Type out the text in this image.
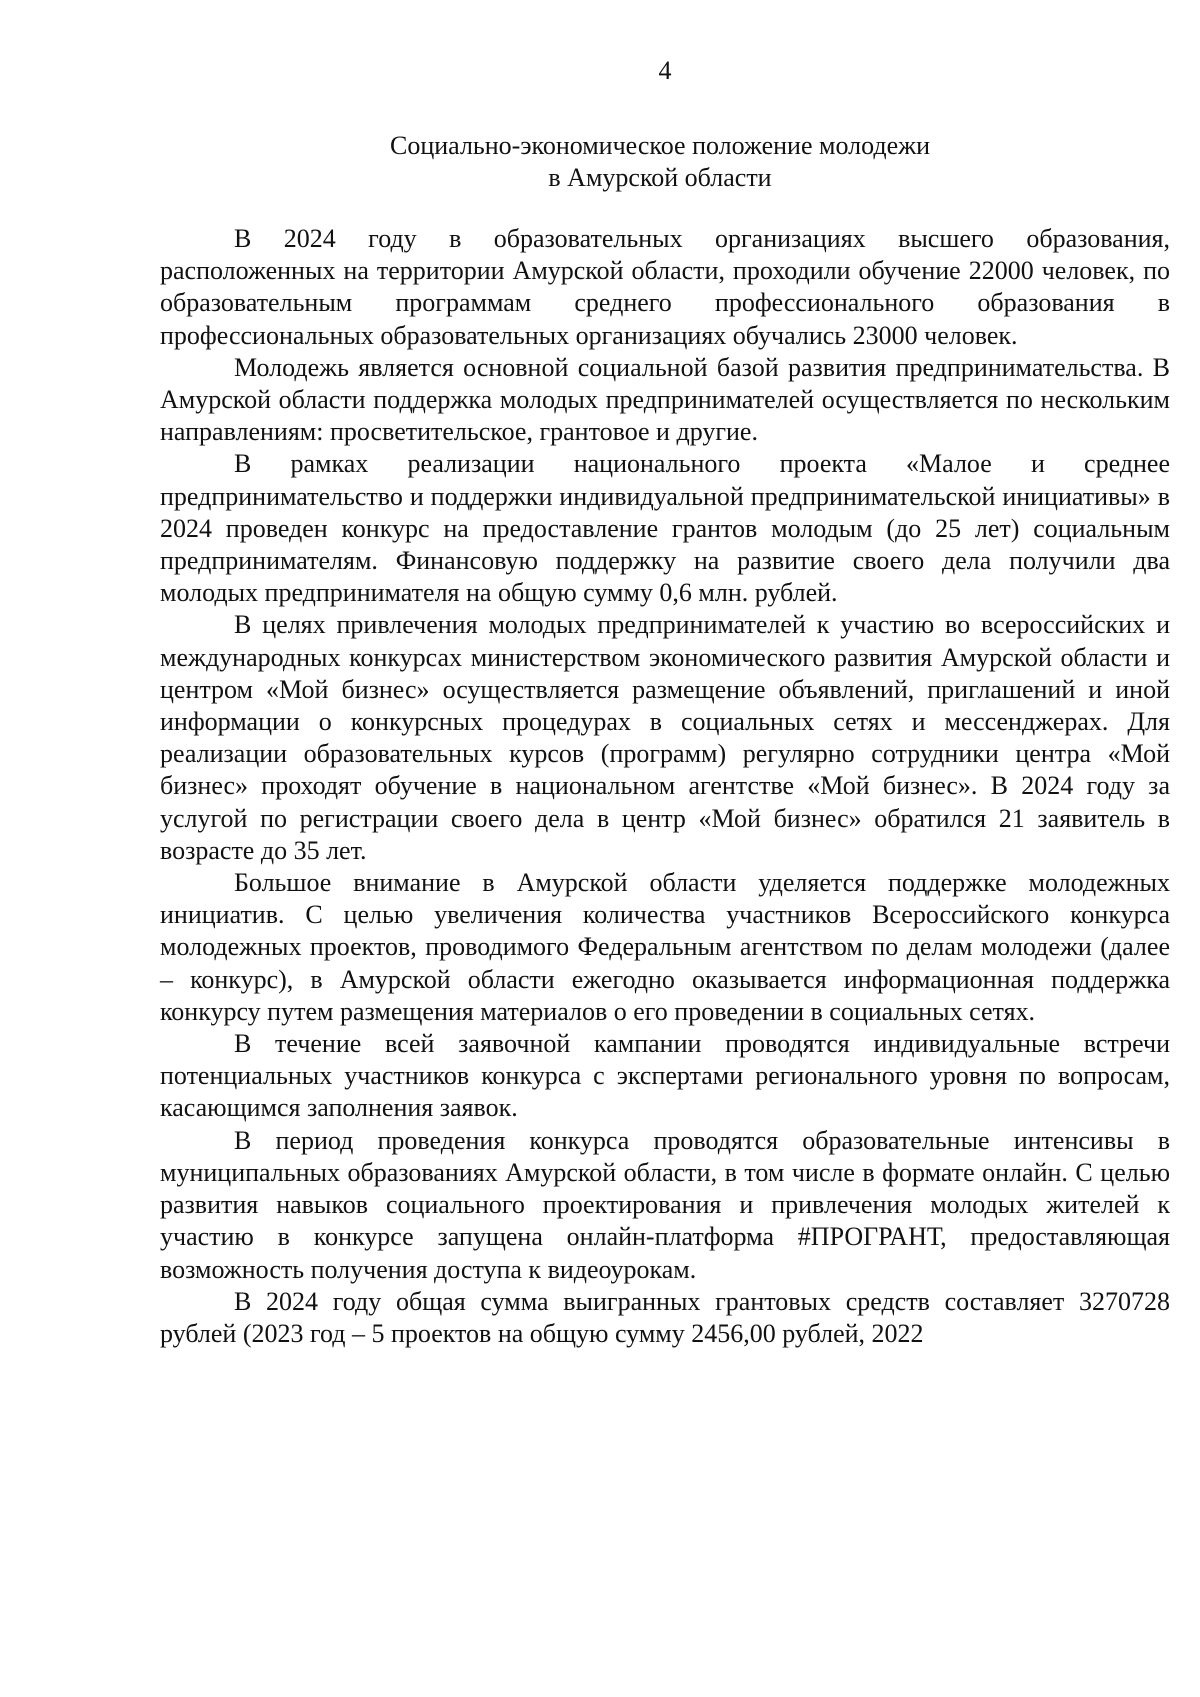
4
Социально-экономическое положение молодежи
в Амурской области

В 2024 году в образовательных организациях высшего образования, расположенных на территории Амурской области, проходили обучение 22000 человек, по образовательным программам среднего профессионального образования в профессиональных образовательных организациях обучались 23000 человек.

Молодежь является основной социальной базой развития предпринимательства. В Амурской области поддержка молодых предпринимателей осуществляется по нескольким направлениям: просветительское, грантовое и другие.

В рамках реализации национального проекта «Малое и среднее предпринимательство и поддержки индивидуальной предпринимательской инициативы» в 2024 проведен конкурс на предоставление грантов молодым (до 25 лет) социальным предпринимателям. Финансовую поддержку на развитие своего дела получили два молодых предпринимателя на общую сумму 0,6 млн. рублей.

В целях привлечения молодых предпринимателей к участию во всероссийских и международных конкурсах министерством экономического развития Амурской области и центром «Мой бизнес» осуществляется размещение объявлений, приглашений и иной информации о конкурсных процедурах в социальных сетях и мессенджерах. Для реализации образовательных курсов (программ) регулярно сотрудники центра «Мой бизнес» проходят обучение в национальном агентстве «Мой бизнес». В 2024 году за услугой по регистрации своего дела в центр «Мой бизнес» обратился 21 заявитель в возрасте до 35 лет.

Большое внимание в Амурской области уделяется поддержке молодежных инициатив. С целью увеличения количества участников Всероссийского конкурса молодежных проектов, проводимого Федеральным агентством по делам молодежи (далее – конкурс), в Амурской области ежегодно оказывается информационная поддержка конкурсу путем размещения материалов о его проведении в социальных сетях.

В течение всей заявочной кампании проводятся индивидуальные встречи потенциальных участников конкурса с экспертами регионального уровня по вопросам, касающимся заполнения заявок.

В период проведения конкурса проводятся образовательные интенсивы в муниципальных образованиях Амурской области, в том числе в формате онлайн. С целью развития навыков социального проектирования и привлечения молодых жителей к участию в конкурсе запущена онлайн-платформа #ПРОГРАНТ, предоставляющая возможность получения доступа к видеоурокам.

В 2024 году общая сумма выигранных грантовых средств составляет 3270728 рублей (2023 год – 5 проектов на общую сумму 2456,00 рублей, 2022
